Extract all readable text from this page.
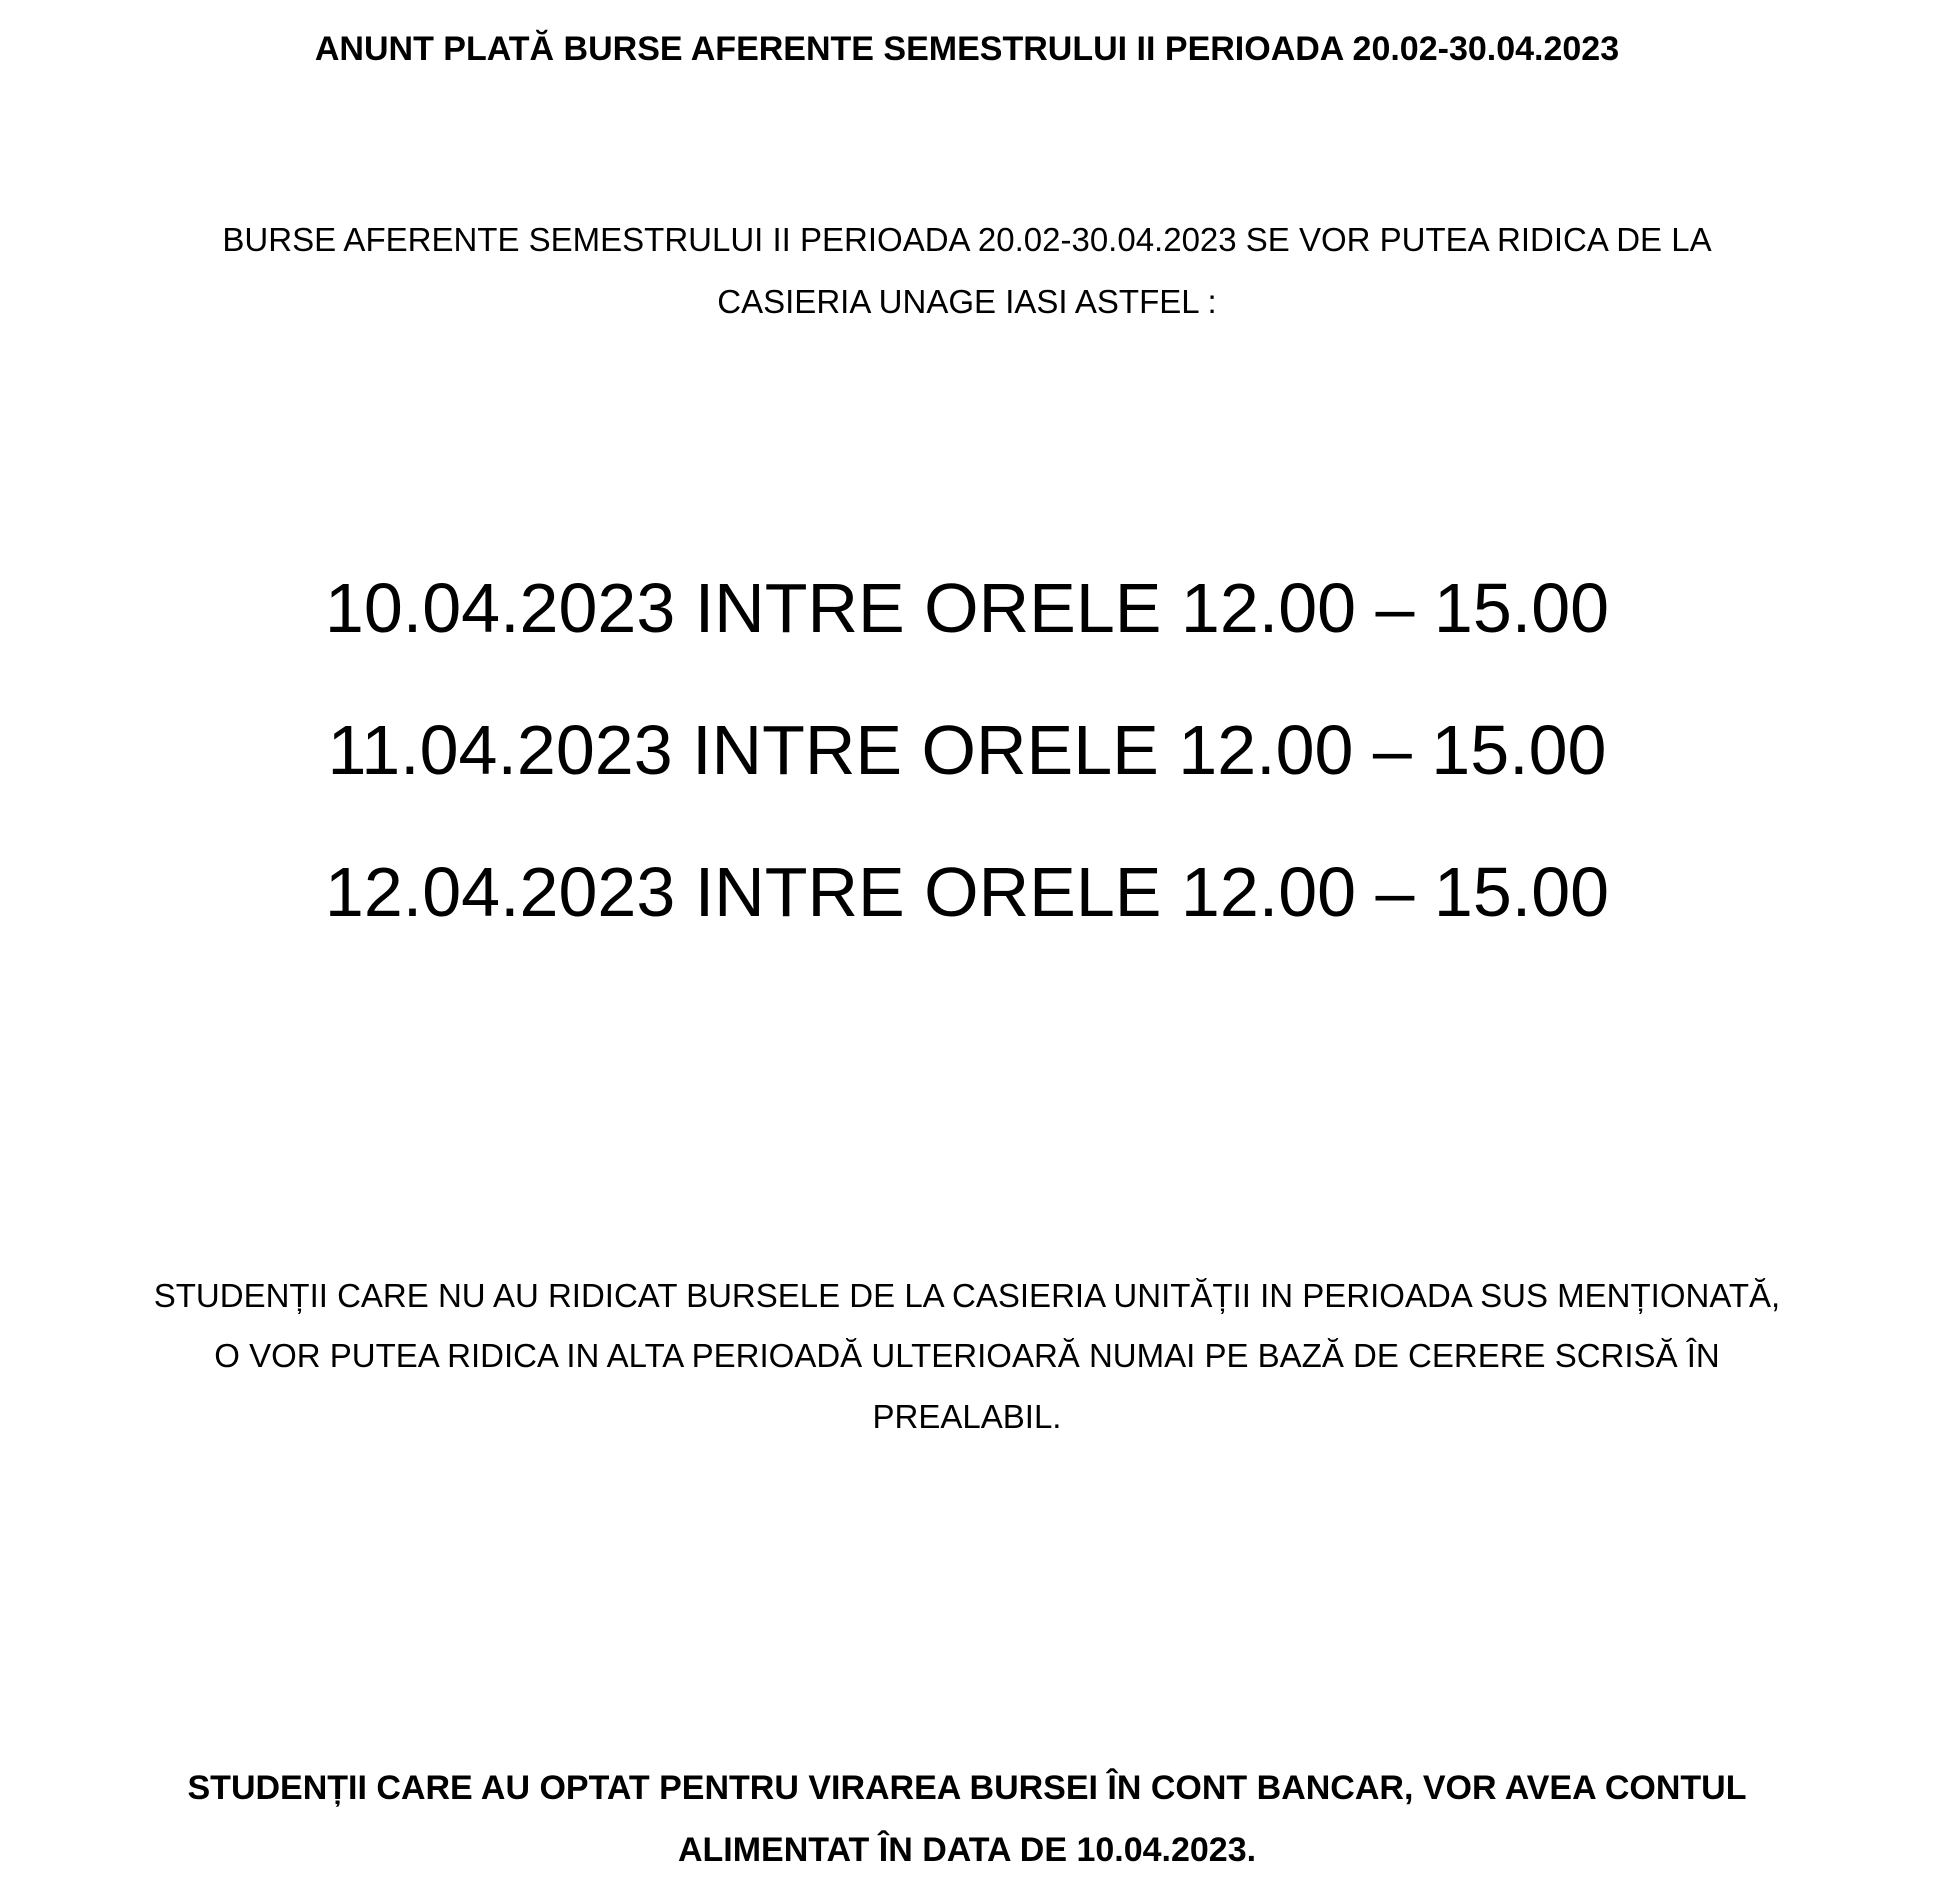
ANUNT PLATĂ BURSE AFERENTE SEMESTRULUI II PERIOADA 20.02-30.04.2023
BURSE AFERENTE SEMESTRULUI II PERIOADA 20.02-30.04.2023 SE VOR PUTEA RIDICA DE LA
CASIERIA UNAGE IASI ASTFEL :
10.04.2023 INTRE ORELE 12.00 – 15.00
11.04.2023 INTRE ORELE 12.00 – 15.00
12.04.2023 INTRE ORELE 12.00 – 15.00
STUDENȚII CARE NU AU RIDICAT BURSELE DE LA CASIERIA UNITĂȚII IN PERIOADA SUS MENȚIONATĂ,
O VOR PUTEA RIDICA IN ALTA PERIOADĂ ULTERIOARĂ NUMAI PE BAZĂ DE CERERE SCRISĂ ÎN
PREALABIL.
STUDENȚII CARE AU OPTAT PENTRU VIRAREA BURSEI ÎN CONT BANCAR, VOR AVEA CONTUL
ALIMENTAT ÎN DATA DE 10.04.2023.
